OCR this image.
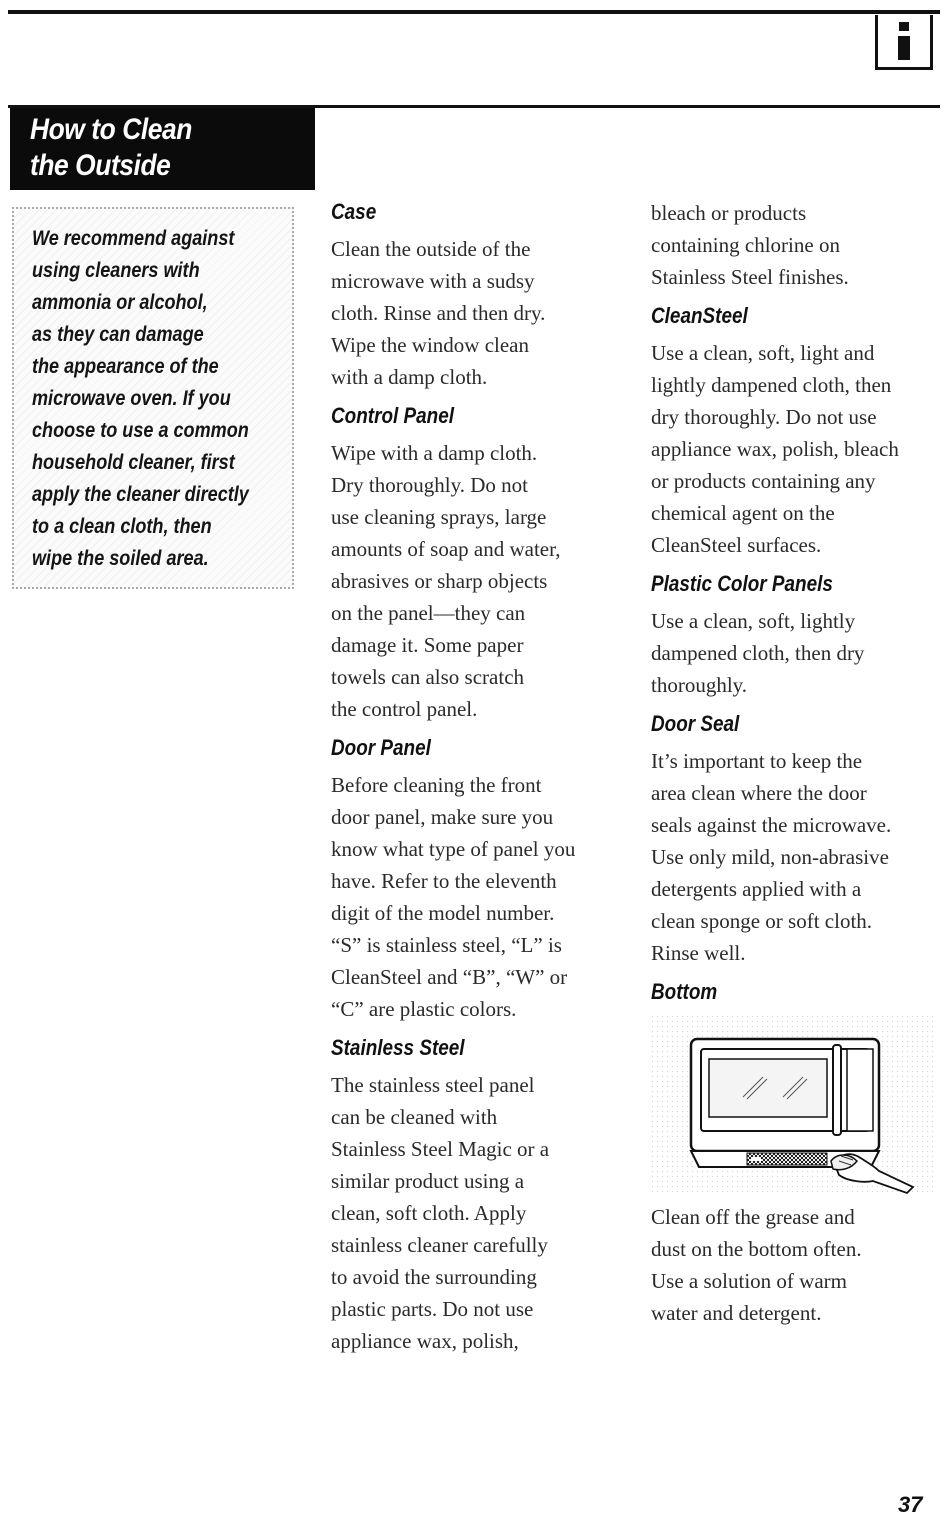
How to Clean
the Outside
We recommend against
using cleaners with
ammonia or alcohol,
as they can damage
the appearance of the
microwave oven. If you
choose to use a common
household cleaner, first
apply the cleaner directly
to a clean cloth, then
wipe the soiled area.
Case
Clean the outside of the
microwave with a sudsy
cloth. Rinse and then dry.
Wipe the window clean
with a damp cloth.
Control Panel
Wipe with a damp cloth.
Dry thoroughly. Do not
use cleaning sprays, large
amounts of soap and water,
abrasives or sharp objects
on the panel—they can
damage it. Some paper
towels can also scratch
the control panel.
Door Panel
Before cleaning the front
door panel, make sure you
know what type of panel you
have. Refer to the eleventh
digit of the model number.
“S” is stainless steel, “L” is
CleanSteel and “B”, “W” or
“C” are plastic colors.
Stainless Steel
The stainless steel panel
can be cleaned with
Stainless Steel Magic or a
similar product using a
clean, soft cloth. Apply
stainless cleaner carefully
to avoid the surrounding
plastic parts. Do not use
appliance wax, polish,
bleach or products
containing chlorine on
Stainless Steel finishes.
CleanSteel
Use a clean, soft, light and
lightly dampened cloth, then
dry thoroughly. Do not use
appliance wax, polish, bleach
or products containing any
chemical agent on the
CleanSteel surfaces.
Plastic Color Panels
Use a clean, soft, lightly
dampened cloth, then dry
thoroughly.
Door Seal
It’s important to keep the
area clean where the door
seals against the microwave.
Use only mild, non-abrasive
detergents applied with a
clean sponge or soft cloth.
Rinse well.
Bottom
Clean off the grease and
dust on the bottom often.
Use a solution of warm
water and detergent.
37
